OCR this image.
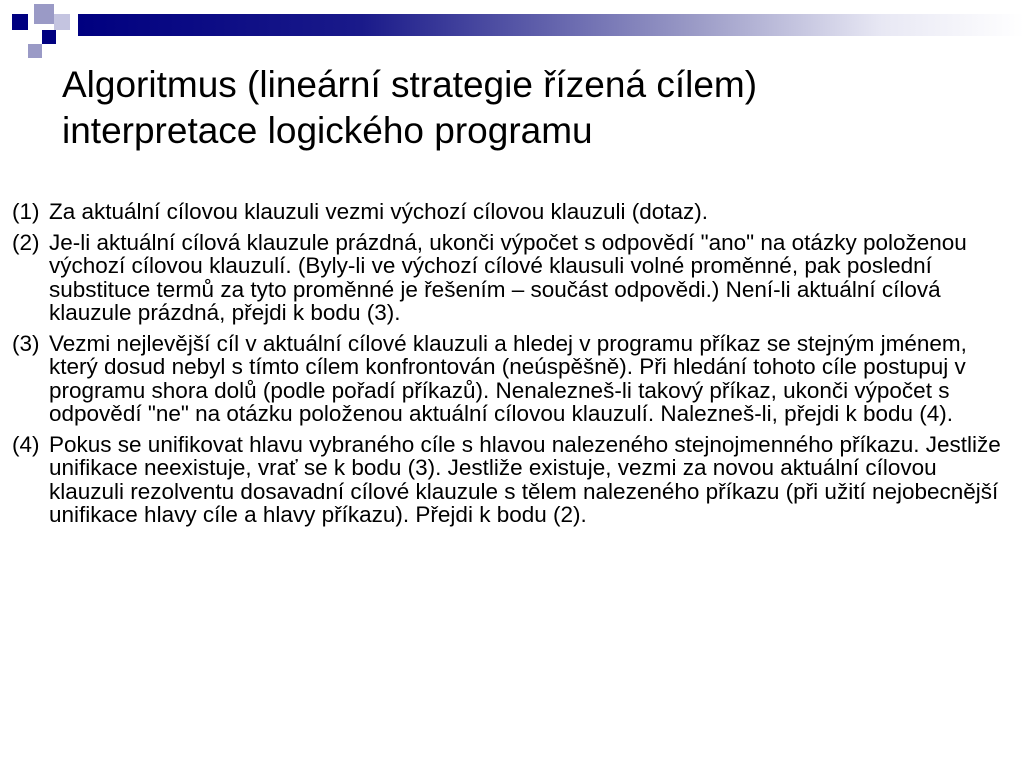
Algoritmus (lineární strategie řízená cílem)
interpretace logického programu
(1) Za aktuální cílovou klauzuli vezmi výchozí cílovou klauzuli (dotaz).
(2) Je-li aktuální cílová klauzule prázdná, ukonči výpočet s odpovědí "ano" na otázky položenou výchozí cílovou klauzulí. (Byly-li ve výchozí cílové klausuli volné proměnné, pak poslední substituce termů za tyto proměnné je řešením – součást odpovědi.) Není-li aktuální cílová klauzule prázdná, přejdi k bodu (3).
(3) Vezmi nejlevější cíl v aktuální cílové klauzuli a hledej v programu příkaz se stejným jménem, který dosud nebyl s tímto cílem konfrontován (neúspěšně). Při hledání tohoto cíle postupuj v programu shora dolů (podle pořadí příkazů). Nenalezneš-li takový příkaz, ukonči výpočet s odpovědí "ne" na otázku položenou aktuální cílovou klauzulí. Nalezneš-li, přejdi k bodu (4).
(4) Pokus se unifikovat hlavu vybraného cíle s hlavou nalezeného stejnojmenného příkazu. Jestliže unifikace neexistuje, vrať se k bodu (3). Jestliže existuje, vezmi za novou aktuální cílovou klauzuli rezolventu dosavadní cílové klauzule s tělem nalezeného příkazu (při užití nejobecnější unifikace hlavy cíle a hlavy příkazu). Přejdi k bodu (2).
